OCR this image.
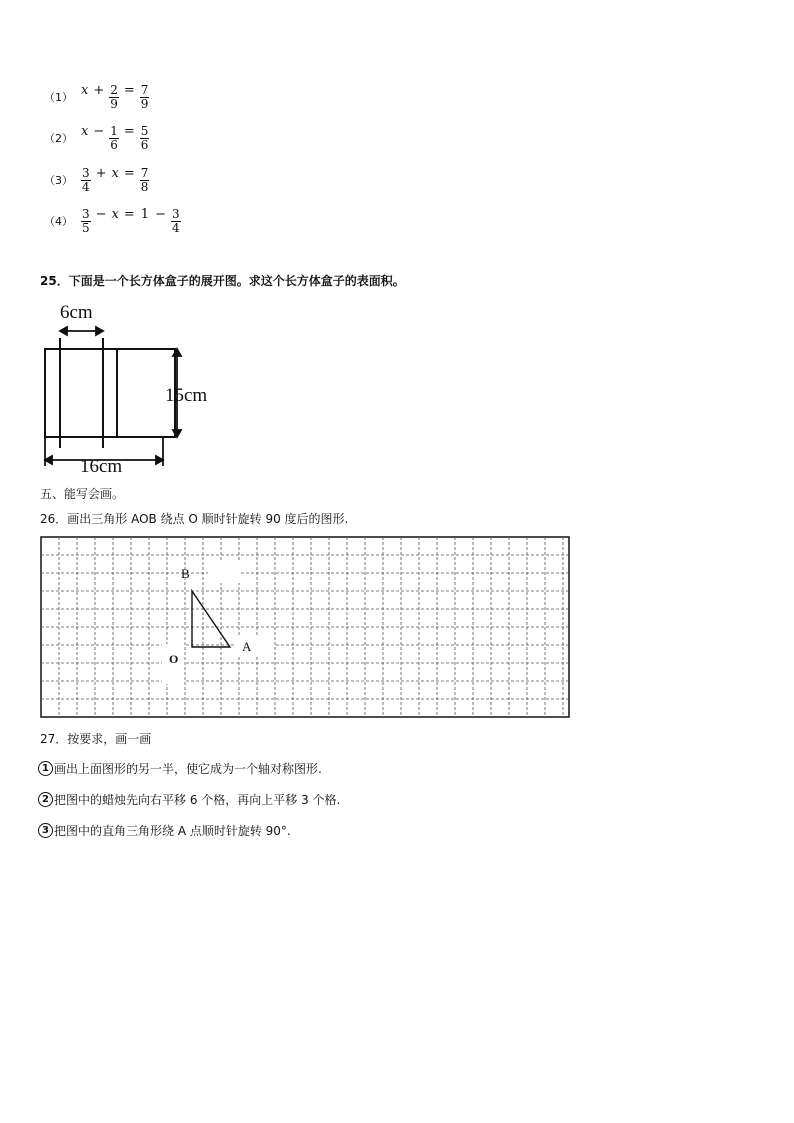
（1） $x + \frac{2}{9} = \frac{7}{9}$
（2） $x - \frac{1}{6} = \frac{5}{6}$
$(3) \frac{3}{4} + x = \frac{7}{8}$
$(4) \frac{3}{5} - x = 1 - \frac{3}{4}$
25．下面是一个长方体盒子的展开图。求这个长方体盒子的表面积。
6cm
15cm
16cm
五、能写会画。
26．画出三角形 AOB 绕点 O 顺时针旋转 90 度后的图形.
B
A
O
27．按要求，画一画
1 画出上面图形的另一半，使它成为一个轴对称图形.
2 把图中的蜡烛先向右平移 6 个格，再向上平移 3 个格.
3 把图中的直角三角形绕 A 点顺时针旋转 90°.
